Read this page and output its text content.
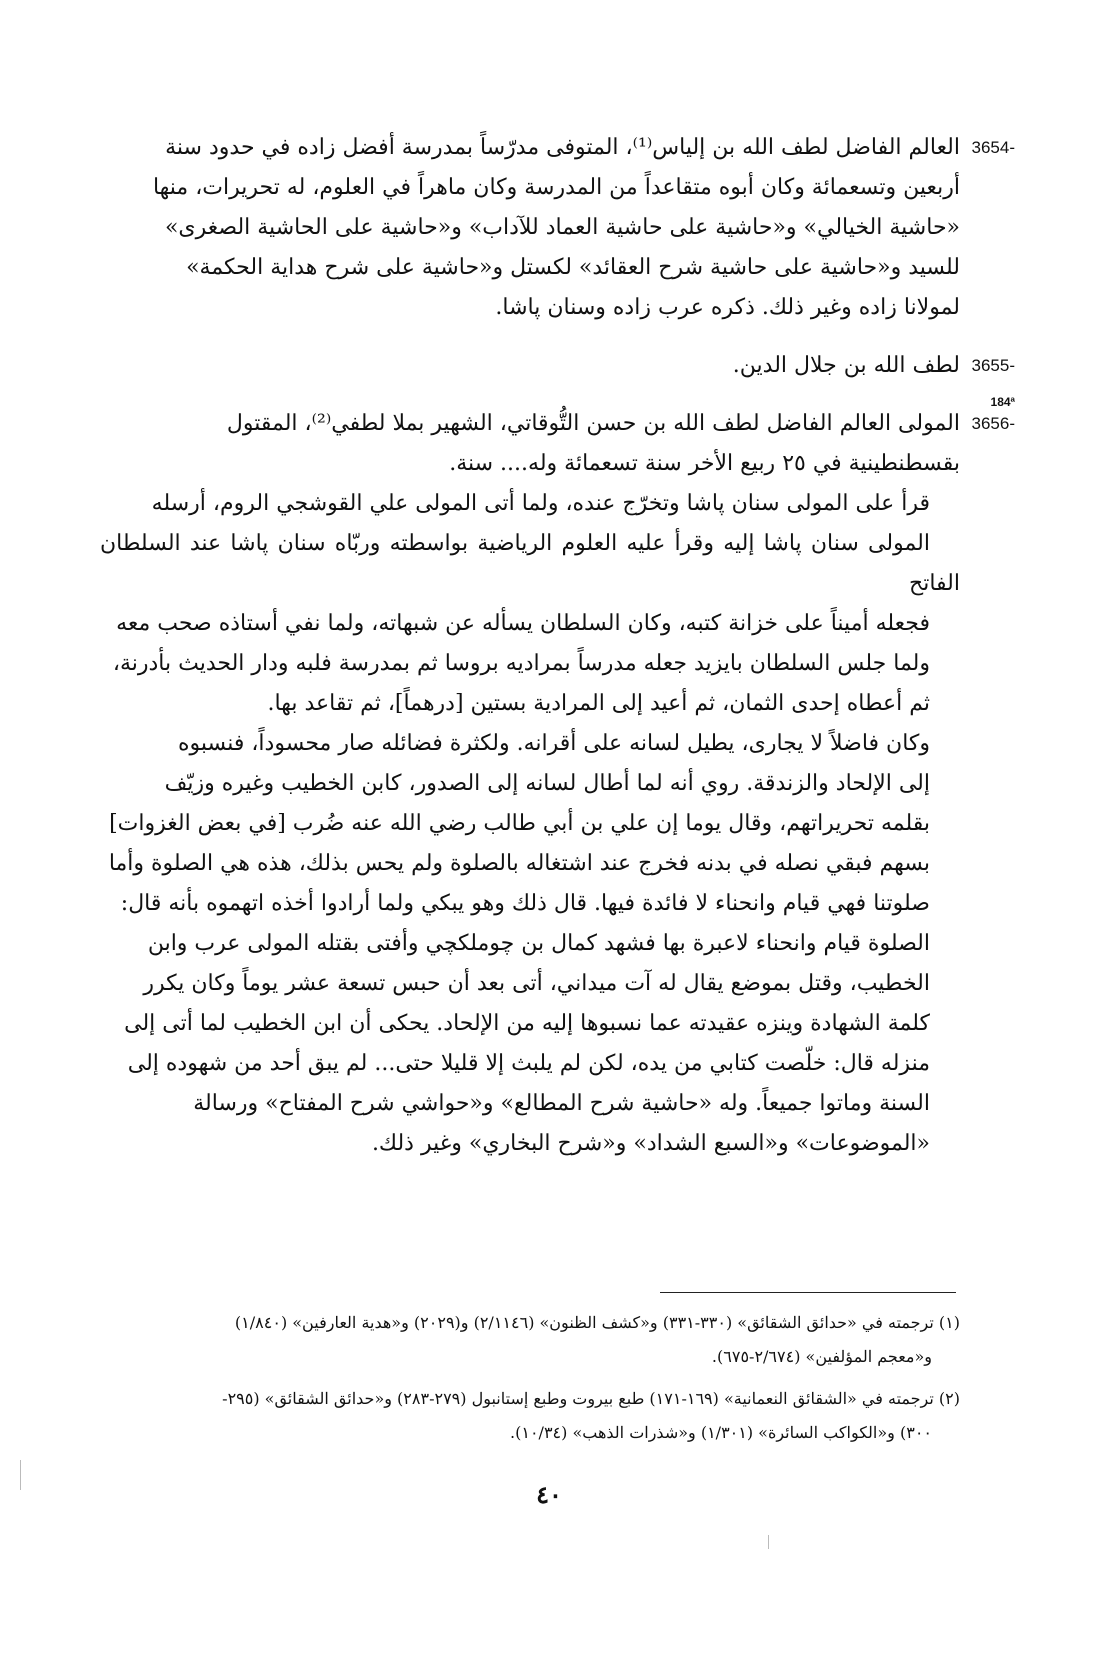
3654-
العالم الفاضل لطف الله بن إلياس⁽¹⁾، المتوفى مدرّساً بمدرسة أفضل زاده في حدود سنة
أربعين وتسعمائة وكان أبوه متقاعداً من المدرسة وكان ماهراً في العلوم، له تحريرات، منها
«حاشية الخيالي» و«حاشية على حاشية العماد للآداب» و«حاشية على الحاشية الصغرى»
للسيد و«حاشية على حاشية شرح العقائد» لكستل و«حاشية على شرح هداية الحكمة»
لمولانا زاده وغير ذلك. ذكره عرب زاده وسنان پاشا.
3655-
لطف الله بن جلال الدين.
184ª
3656-
المولى العالم الفاضل لطف الله بن حسن التُّوقاتي، الشهير بملا لطفي⁽²⁾، المقتول
بقسطنطينية في ٢٥ ربيع الأخر سنة تسعمائة وله.... سنة.
قرأ على المولى سنان پاشا وتخرّج عنده، ولما أتى المولى علي القوشجي الروم، أرسله
المولى سنان پاشا إليه وقرأ عليه العلوم الرياضية بواسطته وربّاه سنان پاشا عند السلطان الفاتح
فجعله أميناً على خزانة كتبه، وكان السلطان يسأله عن شبهاته، ولما نفي أستاذه صحب معه
ولما جلس السلطان بايزيد جعله مدرساً بمراديه بروسا ثم بمدرسة فلبه ودار الحديث بأدرنة،
ثم أعطاه إحدى الثمان، ثم أعيد إلى المرادية بستين [درهماً]، ثم تقاعد بها.
وكان فاضلاً لا يجارى، يطيل لسانه على أقرانه. ولكثرة فضائله صار محسوداً، فنسبوه
إلى الإلحاد والزندقة. روي أنه لما أطال لسانه إلى الصدور، كابن الخطيب وغيره وزيّف
بقلمه تحريراتهم، وقال يوما إن علي بن أبي طالب رضي الله عنه ضُرب [في بعض الغزوات]
بسهم فبقي نصله في بدنه فخرج عند اشتغاله بالصلوة ولم يحس بذلك، هذه هي الصلوة وأما
صلوتنا فهي قيام وانحناء لا فائدة فيها. قال ذلك وهو يبكي ولما أرادوا أخذه اتهموه بأنه قال:
الصلوة قيام وانحناء لاعبرة بها فشهد كمال بن چوملكچي وأفتى بقتله المولى عرب وابن
الخطيب، وقتل بموضع يقال له آت ميداني، أتى بعد أن حبس تسعة عشر يوماً وكان يكرر
كلمة الشهادة وينزه عقيدته عما نسبوها إليه من الإلحاد. يحكى أن ابن الخطيب لما أتى إلى
منزله قال: خلّصت كتابي من يده، لكن لم يلبث إلا قليلا حتى... لم يبق أحد من شهوده إلى
السنة وماتوا جميعاً. وله «حاشية شرح المطالع» و«حواشي شرح المفتاح» ورسالة
«الموضوعات» و«السبع الشداد» و«شرح البخاري» وغير ذلك.
(١) ترجمته في «حدائق الشقائق» (٣٣٠-٣٣١) و«كشف الظنون» (٢/١١٤٦) و(٢٠٢٩) و«هدية العارفين» (١/٨٤٠)
و«معجم المؤلفين» (٢/٦٧٤-٦٧٥).
(٢) ترجمته في «الشقائق النعمانية» (١٦٩-١٧١) طبع بيروت وطبع إستانبول (٢٧٩-٢٨٣) و«حدائق الشقائق» (٢٩٥-
٣٠٠) و«الكواكب السائرة» (١/٣٠١) و«شذرات الذهب» (١٠/٣٤).
٤٠
